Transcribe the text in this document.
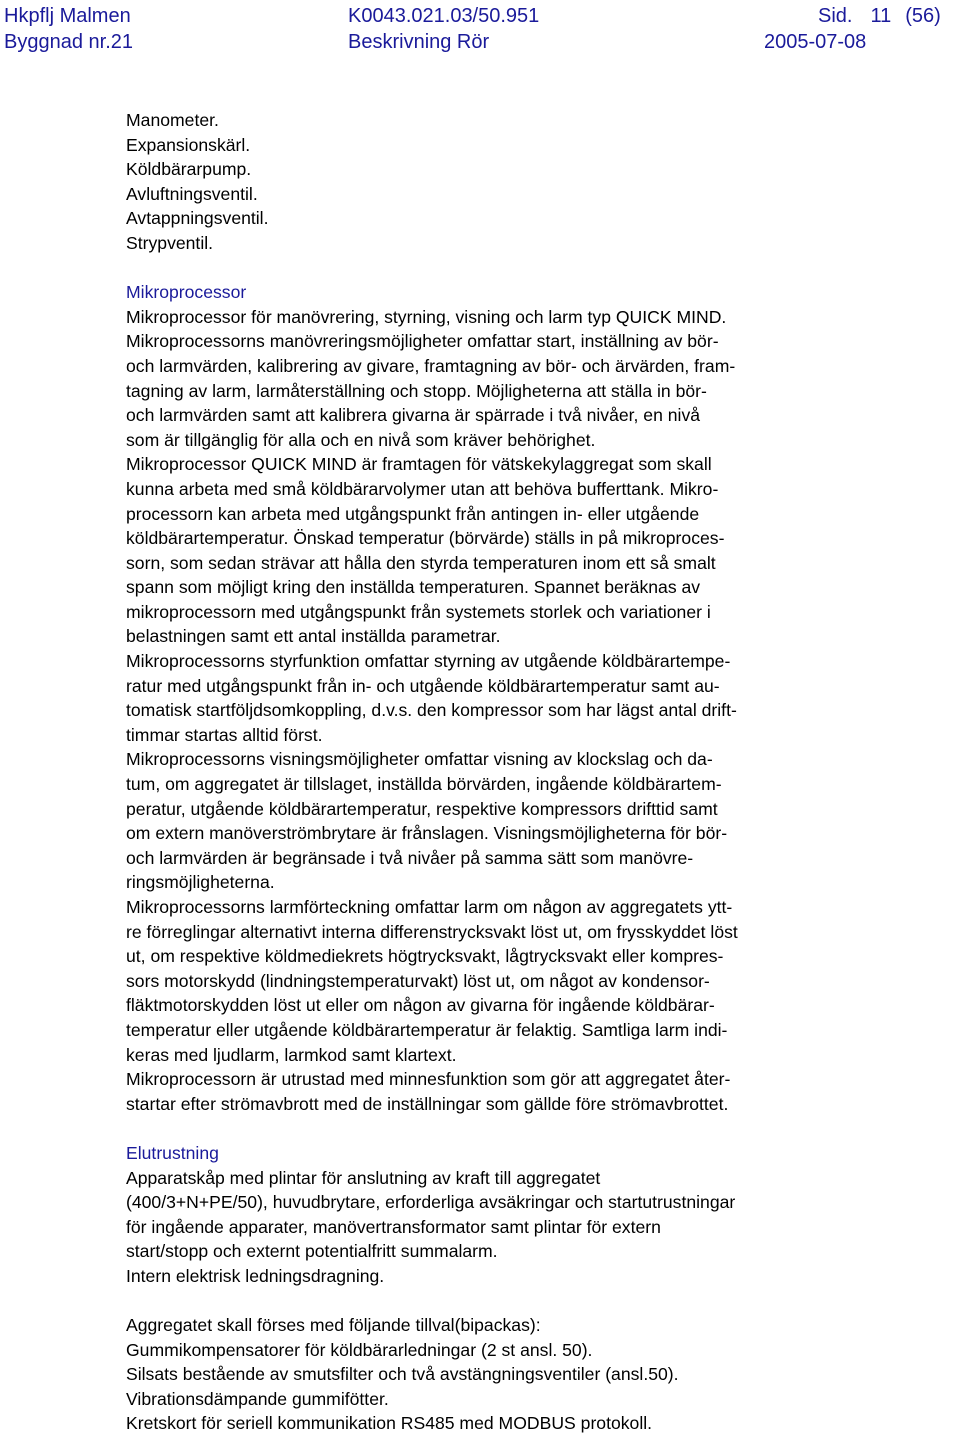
Hkpflj Malmen
Byggnad nr.21
K0043.021.03/50.951
Beskrivning Rör
Sid. 11 (56)
2005-07-08
Manometer.
Expansionskärl.
Köldbärarpump.
Avluftningsventil.
Avtappningsventil.
Strypventil.
Mikroprocessor
Mikroprocessor för manövrering, styrning, visning och larm typ QUICK MIND.
Mikroprocessorns manövreringsmöjligheter omfattar start, inställning av bör-
och larmvärden, kalibrering av givare, framtagning av bör- och ärvärden, fram-
tagning av larm, larmåterställning och stopp. Möjligheterna att ställa in bör-
och larmvärden samt att kalibrera givarna är spärrade i två nivåer, en nivå
som är tillgänglig för alla och en nivå som kräver behörighet.
Mikroprocessor QUICK MIND är framtagen för vätskekylaggregat som skall
kunna arbeta med små köldbärarvolymer utan att behöva bufferttank. Mikro-
processorn kan arbeta med utgångspunkt från antingen in- eller utgående
köldbärartemperatur. Önskad temperatur (börvärde) ställs in på mikroproces-
sorn, som sedan strävar att hålla den styrda temperaturen inom ett så smalt
spann som möjligt kring den inställda temperaturen. Spannet beräknas av
mikroprocessorn med utgångspunkt från systemets storlek och variationer i
belastningen samt ett antal inställda parametrar.
Mikroprocessorns styrfunktion omfattar styrning av utgående köldbärartempe-
ratur med utgångspunkt från in- och utgående köldbärartemperatur samt au-
tomatisk startföljdsomkoppling, d.v.s. den kompressor som har lägst antal drift-
timmar startas alltid först.
Mikroprocessorns visningsmöjligheter omfattar visning av klockslag och da-
tum, om aggregatet är tillslaget, inställda börvärden, ingående köldbärartem-
peratur, utgående köldbärartemperatur, respektive kompressors drifttid samt
om extern manöverströmbrytare är frånslagen. Visningsmöjligheterna för bör-
och larmvärden är begränsade i två nivåer på samma sätt som manövre-
ringsmöjligheterna.
Mikroprocessorns larmförteckning omfattar larm om någon av aggregatets ytt-
re förreglingar alternativt interna differenstrycksvakt löst ut, om frysskyddet löst
ut, om respektive köldmediekrets högtrycksvakt, lågtrycksvakt eller kompres-
sors motorskydd (lindningstemperaturvakt) löst ut, om något av kondensor-
fläktmotorskydden löst ut eller om någon av givarna för ingående köldbärar-
temperatur eller utgående köldbärartemperatur är felaktig. Samtliga larm indi-
keras med ljudlarm, larmkod samt klartext.
Mikroprocessorn är utrustad med minnesfunktion som gör att aggregatet åter-
startar efter strömavbrott med de inställningar som gällde före strömavbrottet.
Elutrustning
Apparatskåp med plintar för anslutning av kraft till aggregatet
(400/3+N+PE/50), huvudbrytare, erforderliga avsäkringar och startutrustningar
för ingående apparater, manövertransformator samt plintar för extern
start/stopp och externt potentialfritt summalarm.
Intern elektrisk ledningsdragning.
Aggregatet skall förses med följande tillval(bipackas):
Gummikompensatorer för köldbärarledningar (2 st ansl. 50).
Silsats bestående av smutsfilter och två avstängningsventiler (ansl.50).
Vibrationsdämpande gummifötter.
Kretskort för seriell kommunikation RS485 med MODBUS protokoll.
